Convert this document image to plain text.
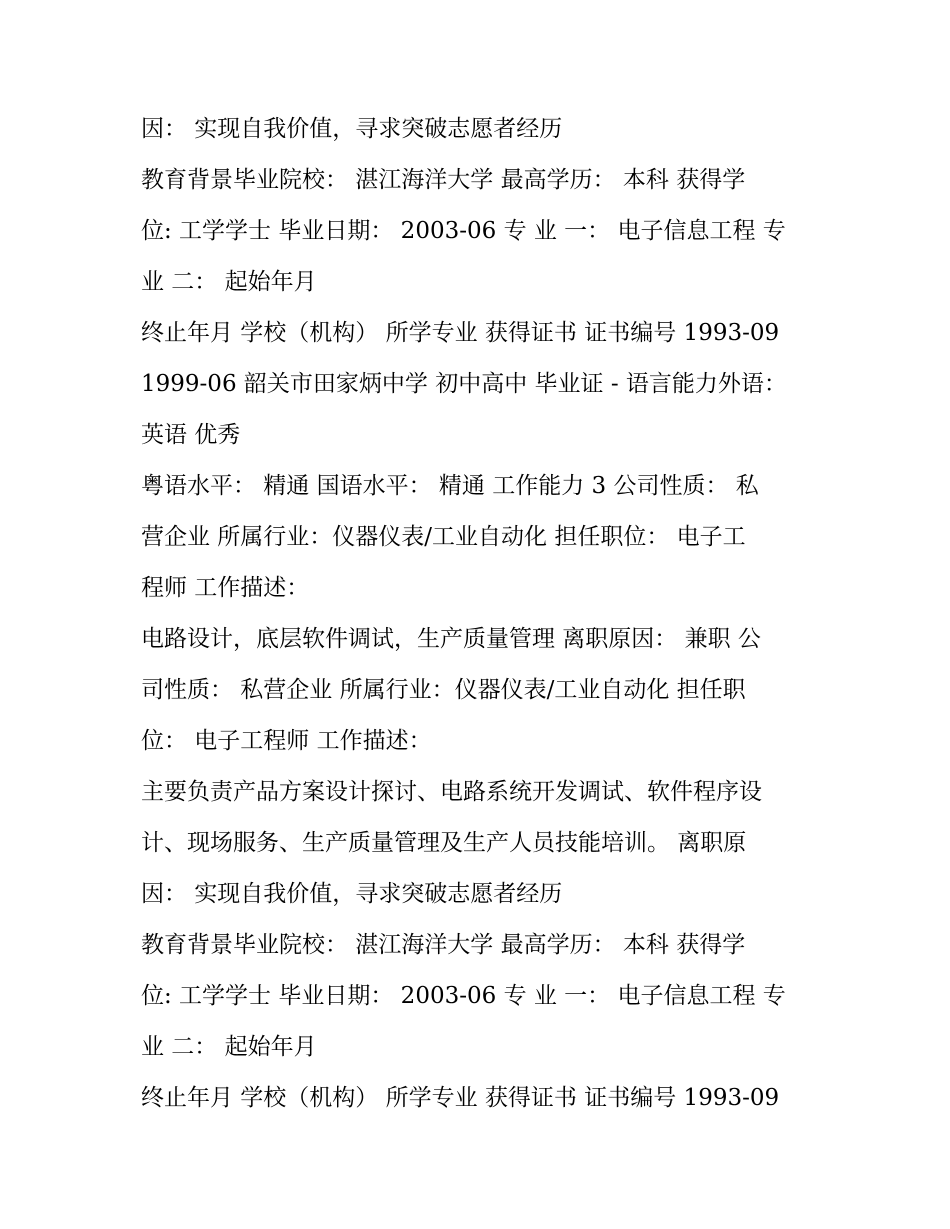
因： 实现自我价值，寻求突破志愿者经历
教育背景毕业院校： 湛江海洋大学 最高学历： 本科 获得学
位: 工学学士 毕业日期： 2003-06 专 业 一： 电子信息工程 专
业 二： 起始年月
终止年月 学校（机构） 所学专业 获得证书 证书编号 1993-09
1999-06 韶关市田家炳中学 初中高中 毕业证 - 语言能力外语：
英语 优秀
粤语水平： 精通 国语水平： 精通 工作能力 3 公司性质： 私
营企业 所属行业：仪器仪表/工业自动化 担任职位： 电子工
程师 工作描述：
电路设计，底层软件调试，生产质量管理 离职原因： 兼职 公
司性质： 私营企业 所属行业：仪器仪表/工业自动化 担任职
位： 电子工程师 工作描述：
主要负责产品方案设计探讨、电路系统开发调试、软件程序设
计、现场服务、生产质量管理及生产人员技能培训。 离职原
因： 实现自我价值，寻求突破志愿者经历
教育背景毕业院校： 湛江海洋大学 最高学历： 本科 获得学
位: 工学学士 毕业日期： 2003-06 专 业 一： 电子信息工程 专
业 二： 起始年月
终止年月 学校（机构） 所学专业 获得证书 证书编号 1993-09
